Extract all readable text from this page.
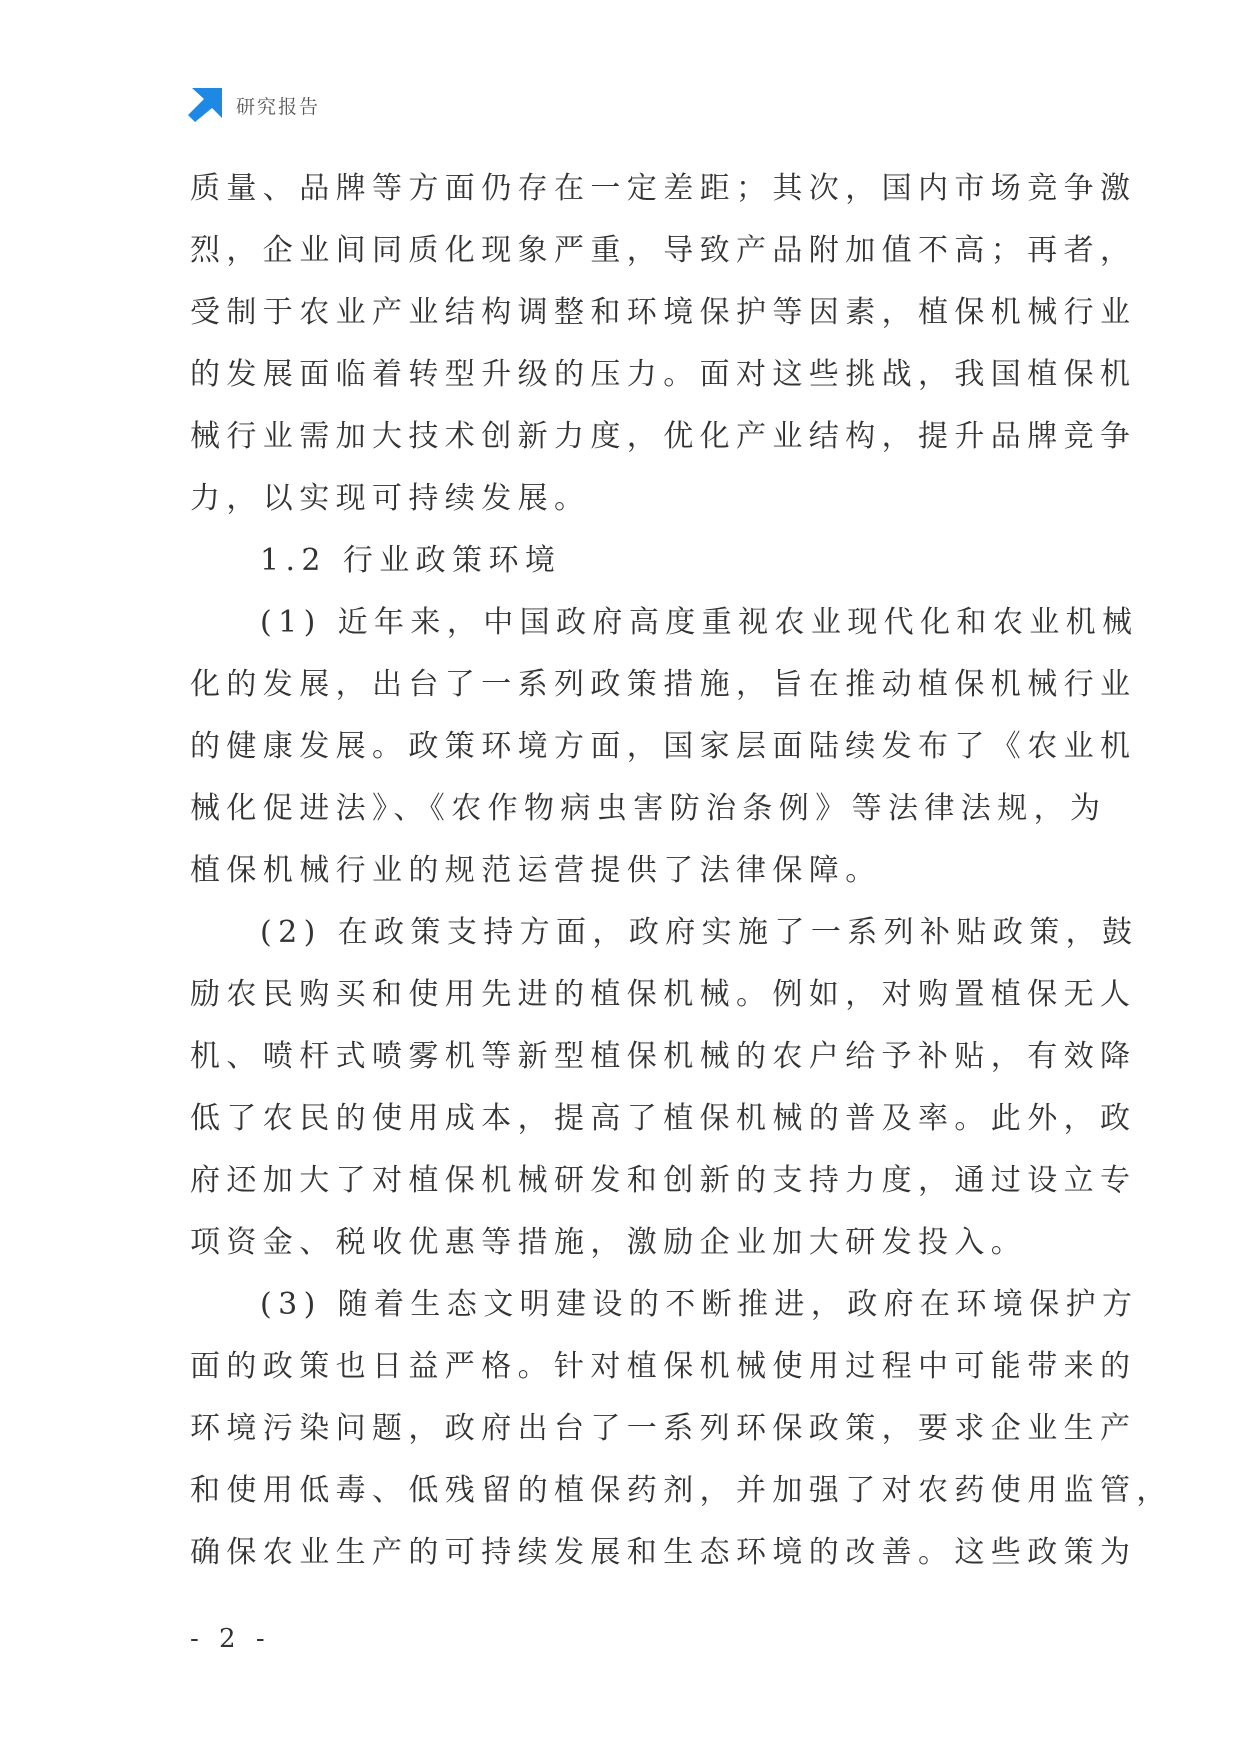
研究报告
质量、品牌等方面仍存在一定差距；其次，国内市场竞争激
烈，企业间同质化现象严重，导致产品附加值不高；再者，
受制于农业产业结构调整和环境保护等因素，植保机械行业
的发展面临着转型升级的压力。面对这些挑战，我国植保机
械行业需加大技术创新力度，优化产业结构，提升品牌竞争
力，以实现可持续发展。
1.2 行业政策环境
(1) 近年来，中国政府高度重视农业现代化和农业机械
化的发展，出台了一系列政策措施，旨在推动植保机械行业
的健康发展。政策环境方面，国家层面陆续发布了《农业机
械化促进法》、《农作物病虫害防治条例》等法律法规，为
植保机械行业的规范运营提供了法律保障。
(2) 在政策支持方面，政府实施了一系列补贴政策，鼓
励农民购买和使用先进的植保机械。例如，对购置植保无人
机、喷杆式喷雾机等新型植保机械的农户给予补贴，有效降
低了农民的使用成本，提高了植保机械的普及率。此外，政
府还加大了对植保机械研发和创新的支持力度，通过设立专
项资金、税收优惠等措施，激励企业加大研发投入。
(3) 随着生态文明建设的不断推进，政府在环境保护方
面的政策也日益严格。针对植保机械使用过程中可能带来的
环境污染问题，政府出台了一系列环保政策，要求企业生产
和使用低毒、低残留的植保药剂，并加强了对农药使用监管，
确保农业生产的可持续发展和生态环境的改善。这些政策为
- 2 -
